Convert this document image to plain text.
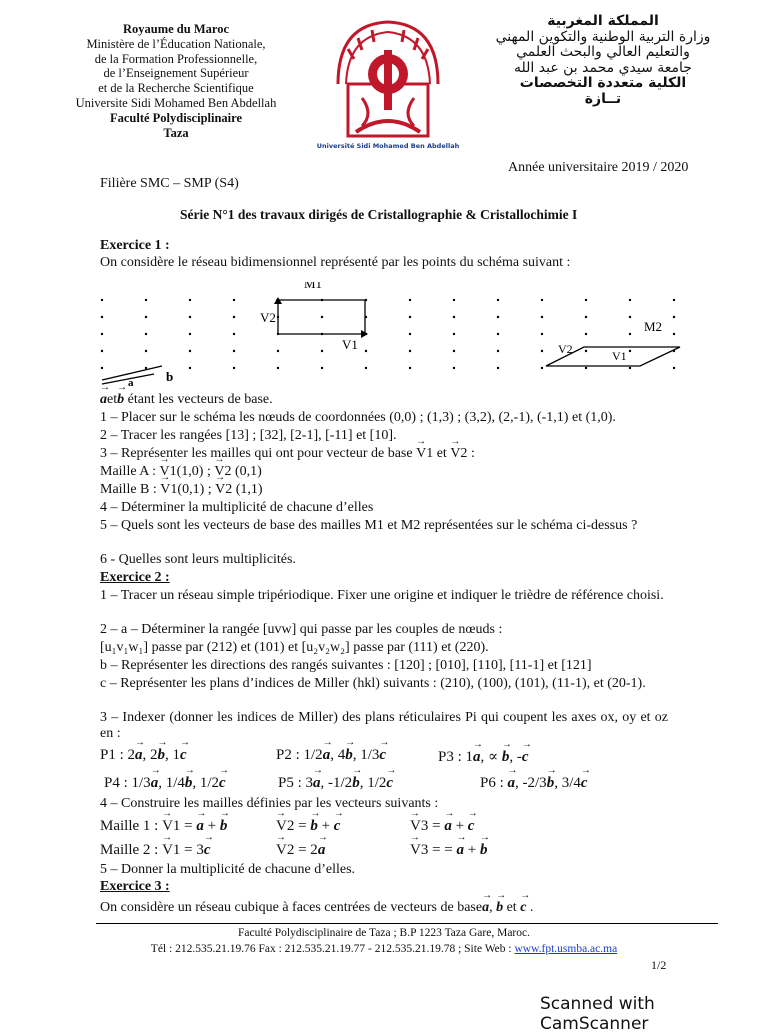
Royaume du Maroc
Ministère de l’Éducation Nationale,
de la Formation Professionnelle,
de l’Enseignement Supérieur
et de la Recherche Scientifique
Universite Sidi Mohamed Ben Abdellah
Faculté Polydisciplinaire
Taza
Université Sidi Mohamed Ben Abdellah
المملكة المغربية
وزارة التربية الوطنية والتكوين المهني
والتعليم العالي والبحث العلمي
جامعة سيدي محمد بن عبد الله
الكلية متعددة التخصصات
تــازة
Année universitaire 2019 / 2020
Filière SMC – SMP (S4)
Série N°1 des travaux dirigés de Cristallographie & Cristallochimie I
Exercice 1 :
On considère le réseau bidimensionnel représenté par les points du schéma suivant :
M1
V2
V1
M2
V2	V1
b
a
→ aet→ b étant les vecteurs de base.
1 – Placer sur le schéma les nœuds de coordonnées (0,0) ; (1,3) ; (3,2), (2,-1), (-1,1) et (1,0).
2 – Tracer les rangées [13] ; [32], [2-1], [-11] et [10].
3 – Représenter les mailles qui ont pour vecteur de base → V1 et → V2 :
Maille A : → V1(1,0) ; → V2 (0,1)
Maille B : → V1(0,1) ; → V2 (1,1)
4 – Déterminer la multiplicité de chacune d’elles
5 – Quels sont les vecteurs de base des mailles M1 et M2 représentées sur le schéma ci-dessus ?
6 - Quelles sont leurs multiplicités.
Exercice 2 :
1 – Tracer un réseau simple tripériodique. Fixer une origine et indiquer le trièdre de référence choisi.
2 – a – Déterminer la rangée [uvw] qui passe par les couples de nœuds :
[u₁v₁w₁] passe par (212) et (101) et [u₂v₂w₂] passe par (111) et (220).
b – Représenter les directions des rangés suivantes : [120] ; [010], [110], [11-1] et [121]
c – Représenter les plans d’indices de Miller (hkl) suivants : (210), (100), (101), (11-1), et (20-1).
3 – Indexer (donner les indices de Miller) des plans réticulaires Pi qui coupent les axes ox, oy et oz en :
P1 : 2→ a, 2→ b, 1→ c	P2 : 1/2→ a, 4→ b, 1/3→ c	P3 : 1→ a, ∝ → b, -→ c
P4 : 1/3→ a, 1/4→ b, 1/2→ c	P5 : 3→ a, -1/2→ b, 1/2→ c	P6 : → a, -2/3→ b, 3/4→ c
4 – Construire les mailles définies par les vecteurs suivants :
Maille 1 : → V1 = → a + → b	→ V2 = → b + → c	→ V3 = → a + → c
Maille 2 : → V1 = 3→ c	→ V2 = 2→ a	→ V3 = = → a + → b
5 – Donner la multiplicité de chacune d’elles.
Exercice 3 :
On considère un réseau cubique à faces centrées de vecteurs de base→ a, → b et → c .
Faculté Polydisciplinaire de Taza ; B.P 1223 Taza Gare, Maroc.
Tél : 212.535.21.19.76 Fax : 212.535.21.19.77 - 212.535.21.19.78 ; Site Web : www.fpt.usmba.ac.ma
1/2
Scanned with CamScanner
